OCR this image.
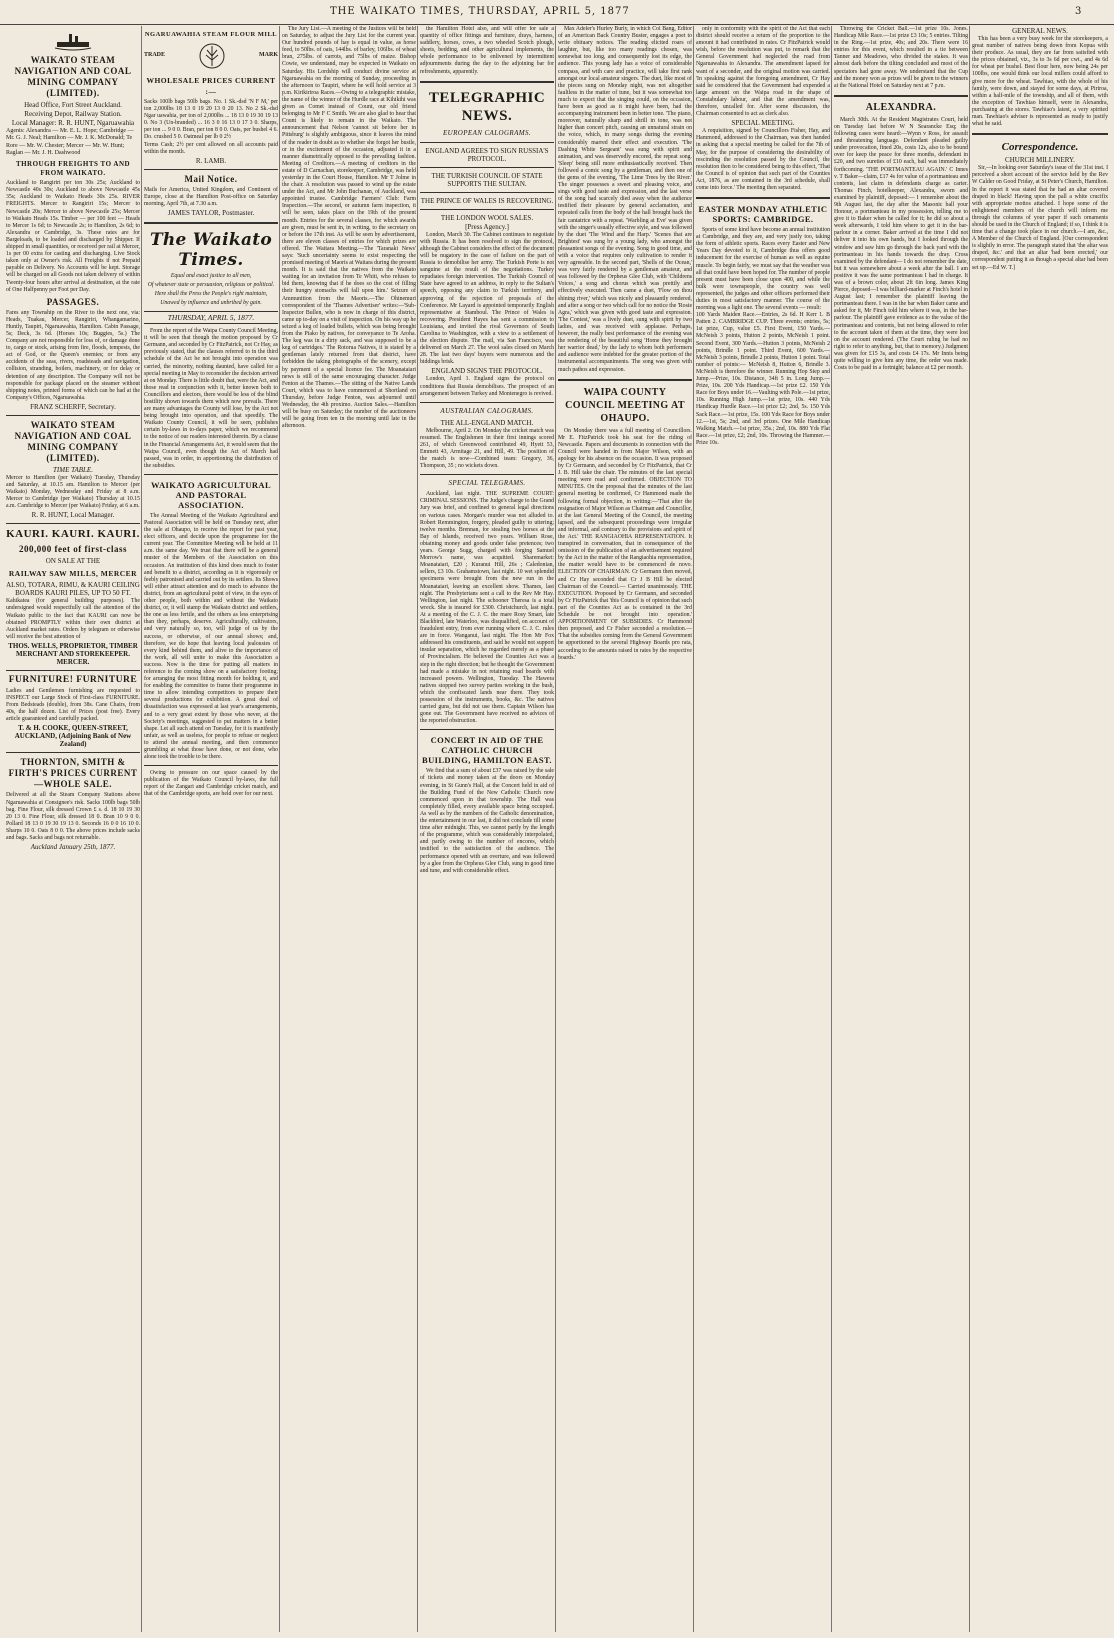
THE WAIKATO TIMES, THURSDAY, APRIL 5, 1877	3
WAIKATO STEAM NAVIGATION AND COAL MINING COMPANY (LIMITED).
Head Office, Fort Street Auckland.
Receiving Depot, Railway Station.
Local Manager: R. R. HUNT, Ngaruawahia
Agents: Alexandra — Mr. E. L. Hope; Cambridge — Mr. G. J. Neal; Hamilton — Mr. J. K. McDonald; Te Rore — Mr. W. Chester; Mercer — Mr. W. Hunt; Raglan — Mr. J. H. Dashwood
THROUGH FREIGHTS TO AND FROM WAIKATO.
Auckland to Rangiriri per ton 30s 25s; Auckland to Newcastle 40s 30s; Auckland to above Newcastle 45s 35s; Auckland to Waikato Heads 30s 25s. RIVER FREIGHTS. Mercer to Rangiriri 15s; Mercer to Newcastle 20s; Mercer to above Newcastle 25s; Mercer to Waikato Heads 15s. Timber — per 100 feet — Heads to Mercer 1s 6d; to Newcastle 2s; to Hamilton, 2s 6d; to Alexandra or Cambridge, 3s. These rates are for Bargeloads, to be loaded and discharged by Shipper. If shipped in small quantities, or received per rail at Mercer, 1s per 00 extra for casting and discharging. Live Stock taken only at Owner's risk. All Freights if not Prepaid payable on Delivery. No Accounts will be kept. Storage will be charged on all Goods not taken delivery of within Twenty-four hours after arrival at destination, at the rate of One Halfpenny per Foot per Day.
PASSAGES.
Fares any Township on the River to the next one, via: Heads, Tuakau, Mercer, Rangiriri, Whangamarino, Huntly, Taupiri, Ngaruawahia, Hamilton. Cabin Passage, 5s; Deck, 3s 6d. (Horses 10s; Buggies, 5s.) The Company are not responsible for loss of, or damage done to, cargo or stock, arising from fire, floods, tempests, the act of God, or the Queen's enemies; or from any accidents of the seas, rivers, roadsteads and navigation, collision, stranding, boilers, machinery, or for delay or detention of any description. The Company will not be responsible for package placed on the steamer without shipping notes, printed forms of which can be had at the Company's Offices, Ngaruawahia.
FRANZ SCHERFF, Secretary.
WAIKATO STEAM NAVIGATION AND COAL MINING COMPANY (LIMITED).
TIME TABLE.
Mercer to Hamilton (per Waikato) Tuesday, Thursday and Saturday, at 10.15 am. Hamilton to Mercer (per Waikato) Monday, Wednesday and Friday at 8 a.m. Mercer to Cambridge (per Waikato) Thursday at 10.15 a.m. Cambridge to Mercer (per Waikato) Friday, at 6 a.m.
R. R. HUNT, Local Manager.
KAURI. KAURI. KAURI.
200,000 feet of first-class
ON SALE AT THE
RAILWAY SAW MILLS, MERCER
ALSO, TOTARA, RIMU, & KAURI CEILING BOARDS KAURI PILES, UP TO 50 FT.
Kahikatea (for general building purposes). The undersigned would respectfully call the attention of the Waikato public to the fact that KAURI can now be obtained PROMPTLY within their own district at Auckland market rates. Orders by telegram or otherwise will receive the best attention of
THOS. WELLS, PROPRIETOR, TIMBER MERCHANT AND STOREKEEPER. MERCER.
FURNITURE! FURNITURE
Ladies and Gentlemen furnishing are requested to INSPECT our Large Stock of First-class FURNITURE. From Bedsteads (double), from 38s. Cane Chairs, from 40s, the half dozen. List of Prices (post free). Every article guaranteed and carefully packed.
T. & H. COOKE, QUEEN-STREET, AUCKLAND, (Adjoining Bank of New Zealand)
THORNTON, SMITH & FIRTH'S PRICES CURRENT—WHOLE SALE.
Delivered at all the Steam Company Stations above Ngaruawahia at Consignee's risk. Sacks 100lb bags 50lb bag. Fine Flour, silk dressed Crown £ s. d. 18 10 19 30 20 13 0. Fine Flour, silk dressed 18 0. Bran 10 9 0 0. Pollard 18 13 0 19 30 19 13 0. Seconds 16 0 0 16 10 0. Sharps 10 0. Oats 8 0 0. The above prices include sacks and bags. Sacks and bags not returnable.
Auckland January 25th, 1877.
NGARUAWAHIA STEAM FLOUR MILL
TRADE	MARK
WHOLESALE PRICES CURRENT :—
Sacks 100lb bags 50lb bags. No. 1 Sk.-dsd 'N F M,' per ton 2,000lbs 18 13 0 19 20 13 0 20 13. No 2 Sk.-dsd Ngar uawahia, per ton of 2,000lbs ... 18 13 0 19 30 19 13 0. No 3 (Un-branded) ... 16 3 0 16 13 0 17 3 0. Sharps, per ton ... 9 0 0. Bran, per ton 8 0 0. Oats, per bushel 4 6. Do. crushed 5 0. Oatmeal per lb 0 2½
Terms Cash; 2½ per cent allowed on all accounts paid within the month.
R. LAMB.
Mail Notice.
Mails for America, United Kingdom, and Continent of Europe, close at the Hamilton Post-office on Saturday morning, April 7th, at 7.30 a.m.
JAMES TAYLOR, Postmaster.
The Waikato Times.
Equal and exact justice to all men,
Of whatever state or persuasion, religious or political.
Here shall the Press the People's right maintain,
Unawed by influence and unbribed by gain.
THURSDAY, APRIL 5, 1877.
From the report of the Waipa County Council Meeting, it will be seen that though the motion proposed by Cr Germann, and seconded by Cr FitzPatrick, not Cr Hay, as previously stated, that the clauses referred to in the third schedule of the Act be not brought into operation was carried, the minority, nothing daunted, have called for a special meeting in May to reconsider the decision arrived at on Monday. There is little doubt that, were the Act, and those read in conjunction with it, better known both to Councillors and electors, there would be less of the blind hostility shown towards them which now prevails. There are many advantages the County will lose, by the Act not being brought into operation, and that speedily. The Waikato County Council, it will be seen, publishes certain by-laws in to-days paper, which we recommend to the notice of our readers interested therein. By a clause in the Financial Arrangements Act, it would seem that the Waipa Council, even though the Act of March had passed, was in order, in apportioning the distribution of the subsidies.
WAIKATO AGRICULTURAL AND PASTORAL ASSOCIATION.
The Annual Meeting of the Waikato Agricultural and Pastoral Association will be held on Tuesday next, after the sale at Ohaupo, to receive the report for past year, elect officers, and decide upon the programme for the current year. The Committee Meeting will be held at 11 a.m. the same day. We trust that there will be a general muster of the Members of the Association on this occasion. An institution of this kind does much to foster and benefit to a district, according as it is vigorously or feebly patronised and carried out by its settlers. Its Shows will either attract attention and do much to advance the district, from an agricultural point of view, in the eyes of other people, both within and without the Waikato district, or, it will stamp the Waikato district and settlers, the one as less fertile, and the others as less enterprising than they, perhaps, deserve. Agriculturally, cultivators, and very naturally so, too, will judge of us by the success, or otherwise, of our annual shows; and, therefore, we do hope that leaving local jealousies of every kind behind them, and alive to the importance of the work, all will unite to make this Association a success. Now is the time for putting all matters in reference to the coming show on a satisfactory footing; for arranging the most fitting month for holding it, and for enabling the committee to frame their programme in time to allow intending competitors to prepare their several productions for exhibition. A great deal of dissatisfaction was expressed at last year's arrangements, and to a very great extent by those who never, at the Society's meetings, suggested to put matters in a better shape. Let all such attend on Tuesday, for it is manifestly unfair, as well as useless, for people to refuse or neglect to attend the annual meeting, and then commence grumbling at what those have done, or not done, who alone took the trouble to be there.
Owing to pressure on our space caused by the publication of the Waikato Council by-laws, the full report of the Zangari and Cambridge cricket match, and that of the Cambridge sports, are held over for our next.
The Jury List.—A meeting of the Justices will be held on Saturday, to adjust the Jury List for the current year. Our hundred pounds of hay is equal in value, as horse feed, to 50lbs. of oats, 144lbs. of barley, 106lbs. of wheat bran, 275lbs. of carrots, and 75lbs of maize. Bishop Cowie, we understand, may be expected in Waikato on Saturday. His Lordship will conduct divine service at Ngaruawahia on the morning of Sunday, proceeding in the afternoon to Taupiri, where he will hold service at 3 p.m. Kirikiriroa Races.—Owing to a telegraphic mistake, the name of the winner of the Hurdle race at Kihikihi was given as Comet instead of Count, our old friend belonging to Mr F C Smith. We are also glad to hear that Count is likely to remain in the Waikato. The announcement that Nelson 'cannot sit before her in Pittsburg' is slightly ambiguous, since it leaves the mind of the reader in doubt as to whether she forgot her bustle, or in the excitement of the occasion, adjusted it in a manner diametrically opposed to the prevailing fashion. Meeting of Creditors.—A meeting of creditors in the estate of D Carnachan, storekeeper, Cambridge, was held yesterday in the Court House, Hamilton. Mr T Jolme in the chair. A resolution was passed to wind up the estate under the Act, and Mr John Buchanan, of Auckland, was appointed trustee. Cambridge Farmers' Club: Farm Inspection.—The second, or autumn farm inspection, it will be seen, takes place on the 19th of the present month. Entries for the several classes, for which awards are given, must be sent in, in writing, to the secretary on or before the 17th inst. As will be seen by advertisement, there are eleven classes of entries for which prizes are offered. The Waitara Meeting.—The 'Taranaki News' says: 'Such uncertainty seems to exist respecting the promised meeting of Maoris at Waitara during the present month. It is said that the natives from the Waikato waiting for an invitation from Te Whiti, who refuses to bid them, knowing that if he does so the cost of filling their hungry stomachs will fall upon him.' Seizure of Ammunition from the Maoris.—The Ohinemuri correspondent of the 'Thames Advertiser' writes:—'Sub-Inspector Bullen, who is now in charge of this district, came up to-day on a visit of inspection. On his way up he seized a keg of loaded bullets, which was being brought from the Piako by natives, for conveyance to Te Aroha. The keg was in a dirty sack, and was supposed to be a keg of cartridges.' The Rotorua Natives, it is stated by a gentleman lately returned from that district, have forbidden the taking photographs of the scenery, except by payment of a special licence fee. The Moanataiari news is still of the same encouraging character. Judge Fenton at the Thames.—The sitting of the Native Lands Court, which was to have commenced at Shortland on Thursday, before Judge Fenton, was adjourned until Wednesday, the 4th proximo. Auction Sales.—Hamilton will be busy on Saturday; the number of the auctioneers will be going from ten in the morning until late in the afternoon.
the Hamilton Hotel also, and will offer for sale a quantity of office fittings and furniture, drays, harness, saddlery, horses, cows, a two wheeled Scotch plough, sheets, bedding, and other agricultural implements, the whole performance to be enlivened by intermittent adjournments during the day to the adjoining bar for refreshments, apparently.
TELEGRAPHIC NEWS.
EUROPEAN CALOGRAMS.
ENGLAND AGREES TO SIGN RUSSIA'S PROTOCOL.
THE TURKISH COUNCIL OF STATE SUPPORTS THE SULTAN.
THE PRINCE OF WALES IS RECOVERING.
THE LONDON WOOL SALES.
[Press Agency.]
London, March 30. The Cabinet continues to negotiate with Russia. It has been resolved to sign the protocol, although the Cabinet considers the effect of the document will be nugatory in the case of failure on the part of Russia to demobilise her army. The Turkish Porte is not sanguine at the result of the negotiations. Turkey repudiates foreign intervention. The Turkish Council of State have agreed to an address, in reply to the Sultan's speech, opposing any claim to Turkish territory, and approving of the rejection of proposals of the Conference. Mr Layard is appointed temporarily English representative at Stamboul. The Prince of Wales is recovering. President Hayes has sent a commission to Louisiana, and invited the rival Governors of South Carolina to Washington, with a view to a settlement of the election dispute. The mail, via San Francisco, was delivered on March 27. The wool sales closed on March 28. The last two days' buyers were numerous and the biddings brisk.
ENGLAND SIGNS THE PROTOCOL.
London, April 1. England signs the protocol on conditions that Russia demobilises. The prospect of an arrangement between Turkey and Montenegro is revived.
AUSTRALIAN CALOGRAMS.
THE ALL-ENGLAND MATCH.
Melbourne, April 2. On Monday the cricket match was resumed. The Englishmen in their first innings scored 261, of which Greenwood contributed 49, Hyett 53, Emmett 43, Armitage 21, and Hill, 49. The position of the match is now—Combined team: Gregory, 36, Thompson, 35 ; no wickets down.
SPECIAL TELEGRAMS.
Auckland, last night. THE SUPREME COURT: CRIMINAL SESSIONS. The Judge's charge to the Grand Jury was brief, and confined to general legal directions on various cases. Morgan's murder was not alluded to. Robert Remmington, forgery, pleaded guilty to uttering; twelve months. Brennan, for stealing two horses at the Bay of Islands, received two years. William Rose, obtaining money and goods under false pretences; two years. George Sugg, charged with forging Samuel Morrow's name, was acquitted. Sharemarket: Moanataiari, £20 ; Kuranui Hill, 26s ; Caledonian, sellers, £3 10s. Grahamstown, last night. 10 wet splendid specimens were brought from the new run in the Moanataiari, leaving an excellent show. Thames, last night. The Presbyterians sent a call to the Rev Mr Hay. Wellington, last night. The schooner Theresa is a total wreck. She is insured for £300. Christchurch, last night. At a meeting of the C. J. C. the mare Rosy Smart, late Blackbird, late Waterloo, was disqualified, on account of fraudulent entry, from ever running where C. J. C. rules are in force. Wanganui, last night. The Hon Mr Fox addressed his constituents, and said he would not support insular separation, which he regarded merely as a phase of Provincialism. He believed the Counties Act was a step in the right direction; but he thought the Government had made a mistake in not retaining road boards with increased powers. Wellington, Tuesday. The Hawera natives stopped two survey parties working in the bush, which the confiscated lands near there. They took possession of the instruments, books, &c. The natives carried guns, but did not use them. Captain Wilson has gone out. The Government have received no advices of the reported obstruction.
CONCERT IN AID OF THE CATHOLIC CHURCH BUILDING, HAMILTON EAST.
We find that a sum of about £37 was raised by the sale of tickets and money taken at the doors on Monday evening, in St Gunn's Hall, at the Concert held in aid of the Building Fund of the New Catholic Church now commenced upon in that township. The Hall was completely filled, every available space being occupied. As well as by the numbers of the Catholic denomination, the entertainment in our last, it did not conclude till some time after midnight. This, we cannot partly by the length of the programme, which was considerably interpolated, and partly owing to the number of encores, which testified to the satisfaction of the audience. The performance opened with an overture, and was followed by a glee from the Orpheus Glee Club, sung in good time and tune, and with considerable effect.
Max Adeler's Hurley Burly, in which Col Bang, Editor of an American Back Country Buster, engages a poet to write obituary notices. The reading elicited roars of laughter, but, like too many readings chosen, was somewhat too long, and consequently lost its edge, the audience. This young lady has a voice of considerable compass, and with care and practice, will take first rank amongst our local amateur singers. The duet, like most of the pieces sung on Monday night, was not altogether faultless in the matter of tune, but it was somewhat too much to expect that the singing could, on the occasion, have been as good as it might have been, had the accompanying instrument been in better tone. 'The piano, moreover, naturally sharp and shrill in tone, was not higher than concert pitch, causing an unnatural strain on the voice, which, in many songs during the evening considerably marred their effect and execution. 'The Dashing White Sergeant' was sung with spirit and animation, and was deservedly encored, the repeat song. 'Sleep' being still more enthusiastically received. Then followed a comic song by a gentleman, and then one of the gems of the evening, 'The Lime Trees by the River.' The singer possesses a sweet and pleasing voice, and sings with good taste and expression, and the last verse of the song had scarcely died away when the audience testified their pleasure by general acclamation, and repeated calls from the body of the hall brought back the fair cantatrice with a repeat. 'Warbling at Eve' was given with the singer's usually effective style, and was followed by the duet 'The Wind and the Harp.' 'Scenes that are Brightest' was sung by a young lady, who amongst the pleasantest songs of the evening. Song in good time, and with a voice that requires only cultivation to render it very agreeable. In the second part, 'Shells of the Ocean,' was very fairly rendered by a gentleman amateur, and was followed by the Orpheus Glee Club, with 'Childrens Voices,' a song and chorus which was prettily and effectively executed. Then came a duet, 'Flow on thou shining river,' which was nicely and pleasantly rendered, and after a song or two which call for no notice the 'Rosie Agra,' which was given with good taste and expression. 'The Contest,' was a lively duet, sung with spirit by two ladies, and was received with applause. Perhaps, however, the really best performance of the evening was the rendering of the beautiful song 'Home they brought her warrior dead,' by the lady to whom both performers and audience were indebted for the greater portion of the instrumental accompaniments. The song was given with much pathos and expression.
WAIPA COUNTY COUNCIL MEETING AT OHAUPO.
On Monday there was a full meeting of Councillors. Mr E. FitzPatrick took his seat for the riding of Newcastle. Papers and documents in connection with the Council were handed in from Major Wilson, with an apology for his absence on the occasion. It was proposed by Cr Germann, and seconded by Cr FitzPatrick, that Cr J. B. Hill take the chair. The minutes of the last special meeting were read and confirmed. OBJECTION TO MINUTES. On the proposal that the minutes of the last general meeting be confirmed, Cr Hammond made the following formal objection, in writing:—'That after the resignation of Major Wilson as Chairman and Councillor, at the last General Meeting of the Council, the meeting lapsed, and the subsequent proceedings were irregular and informal, and contrary to the provisions and spirit of the Act.' THE RANGIAOHIA REPRESENTATION. It transpired in conversation, that in consequence of the omission of the publication of an advertisement required by the Act in the matter of the Rangiaohia representation, the matter would have to be commenced de novo. ELECTION OF CHAIRMAN. Cr Germann then moved, and Cr Hay seconded that Cr J B Hill be elected Chairman of the Council.— Carried unanimously. THE EXECUTION. Proposed by Cr Germann, and seconded by Cr FitzPatrick that 'this Council is of opinion that such part of the Counties Act as is contained in the 3rd Schedule be not brought into operation.' APPORTIONMENT OF SUBSIDIES. Cr Hammond then proposed, and Cr Fisher seconded a resolution.— 'That the subsidies coming from the General Government be apportioned to the several Highway Boards pro rata, according to the amounts raised in rates by the respective boards.'
only in conformity with the spirit of the Act that each district should receive a return of the proportion to the amount it had contributed in rates. Cr FitzPatrick would wish, before the resolution was put, to remark that the General Government had neglected the road from Ngaruawahia to Alexandra. The amendment lapsed for want of a seconder, and the original motion was carried. 'In speaking against the foregoing amendment, Cr Hay said he considered that the Government had expended a large amount on the Waipa road in the shape of Constabulary labour, and that the amendment was, therefore, uncalled for. After some discussion, the Chairman consented to act as clerk also.
SPECIAL MEETING.
A requisition, signed by Councillors Fisher, Hay, and Hammond, addressed to the Chairman, was then handed in asking that a special meeting be called for the 7th of May, for the purpose of considering the desirability of rescinding the resolution passed by the Council, the resolution then to be considered being to this effect, 'That the Council is of opinion that such part of the Counties Act, 1876, as are contained in the 3rd schedule, shall come into force.' The meeting then separated.
EASTER MONDAY ATHLETIC SPORTS: CAMBRIDGE.
Sports of some kind have become an annual institution at Cambridge, and they are, and very justly too, taking the form of athletic sports. Races every Easter and New Years Day devoted to it, Cambridge thus offers good inducement for the exercise of human as well as equine muscle. To begin fairly, we must say that the weather was all that could have been hoped for. The number of people present must have been close upon 400, and while the bulk were townspeople, the country was well represented, the judges and other officers performed their duties in most satisfactory manner. The course of the morning was a light one. The several events — result:
100 Yards Maiden Race.—Entries, 2s 6d. H Kerr 1. B Patten 2. CAMBRIDGE CUP. Three events; entries, 5s; 1st prize, Cup, value £5. First Event, 150 Yards.—McNeish 3 points, Hutton 2 points, McNeish 1 point. Second Event, 300 Yards.—Hutton 3 points, McNeish 2 points, Brindle 1 point. Third Event, 600 Yards.—McNeish 3 points, Brindle 2 points, Hutton 1 point. Total number of points:— McNeish 8, Hutton 6, Brindle 3. McNeish is therefore the winner. Running Hop Step and Jump.—Prize, 10s. Distance, 34ft 5 in. Long Jump.—Prize, 10s. 200 Yds Handicap.—1st prize £2. 150 Yds Race for Boys under 16.—Vaulting with Pole.—1st prize, 10s. Running High Jump.—1st prize, 10s. 440 Yds Handicap Hurdle Race.—1st prize £2; 2nd, 5s. 150 Yds Sack Race.—1st prize, 15s. 100 Yds Race for Boys under 12.—1st, 5s; 2nd, and 3rd prizes. One Mile Handicap Walking Match.—1st prize, 35s.; 2nd, 10s. 880 Yds Flat Race.—1st prize, £2; 2nd, 10s. Throwing the Hammer.—Prize 10s.
Throwing the Cricket Ball.—1st prize 10s. Jones. Handicap Mile Race.—1st prize £3 10s; 5 entries. Tilting in the Ring.—1st prize, 40s; and 20s. There were 16 entries for this event, which resulted in a tie between Tanner and Meadows, who divided the stakes. It was almost dark before the tilting concluded and most of the spectators had gone away. We understand that the Cup and the money won as prizes will be given to the winners at the National Hotel on Saturday next at 7 p.m.
ALEXANDRA.
March 30th. At the Resident Magistrates Court, held on Tuesday last before W N Searancke Esq; the following cases were heard:—Wynn v Ross, for assault and threatening language. Defendant pleaded guilty under provocation, fined 20s, costs 12s, also to be bound over for keep the peace for three months, defendant in £20, and two sureties of £10 each, bail was immediately forthcoming. 'THE PORTMANTEAU AGAIN.' C Innes v. T Baker—claim, £17 4s for value of a portmanteau and contents, last claim in defendants charge as carter. Thomas Finch, hotelkeeper, Alexandra, sworn and examined by plaintiff, deposed:— I remember about the 9th August last, the day after the Masonic ball your Honour, a portmanteau in my possession, telling me to give it to Baker when he called for it; he did so about a week afterwards, I told him where to get it in the bar-parlour in a corner. Baker arrived at the time I did not deliver it into his own hands, but I looked through the window and saw him go through the back yard with the portmanteau in his hands towards the dray. Cross examined by the defendant— I do not remember the date, but it was somewhere about a week after the ball. I am positive it was the same portmanteau I had in charge. It was of a brown color, about 2ft 6in long. James King Pierce, deposed—I was billiard-marker at Finch's hotel in August last; I remember the plaintiff leaving the portmanteau there. I was in the bar when Baker came and asked for it, Mr Finch told him where it was, in the bar-parlour. The plaintiff gave evidence as to the value of the portmanteau and contents, but not being allowed to refer to the account taken of them at the time, they were lost on the account rendered. (The Court ruling he had no right to refer to anything, but, that to memory.) Judgment was given for £15 3s, and costs £4 17s. Mr Innis being quite willing to give him any time, the order was made. Costs to be paid in a fortnight; balance at £2 per month.
GENERAL NEWS.
This has been a very busy week for the storekeepers, a great number of natives being down from Kopua with their produce. As usual, they are far from satisfied with the prices obtained, viz., 3s to 3s 6d per cwt., and 4s 6d for wheat per bushel. Best flour here, now being 24s per 100lbs, one would think our local millers could afford to give more for the wheat. Tawhiao, with the whole of his family, were down, and stayed for some days, at Piriroa, within a half-mile of the township, and all of them, with the exception of Tawhiao himself, were in Alexandra, purchasing at the stores. Tawhiao's latest, a very spirited man. Tawhiao's adviser is represented as ready to justify what he said.
Correspondence.
CHURCH MILLINERY.
Sir,—In looking over Saturday's issue of the 31st inst. I perceived a short account of the service held by the Rev W Calder on Good Friday, at St Peter's Church, Hamilton. In the report it was stated that he had an altar covered draped in black! Having upon the pall a white crucifix with appropriate mottos attached. I hope some of the enlightened members of the church will inform me through the columns of your paper if such ornaments should be used in the Church of England; if so, I think it is time that a change took place in our church.—I am, &c., A Member of the Church of England. [Our correspondent is slightly in error. The paragraph stated that 'the altar was draped, &c.' and that an altar 'had been erected,' our correspondent putting it as though a special altar had been set up.—Ed W. T.]
